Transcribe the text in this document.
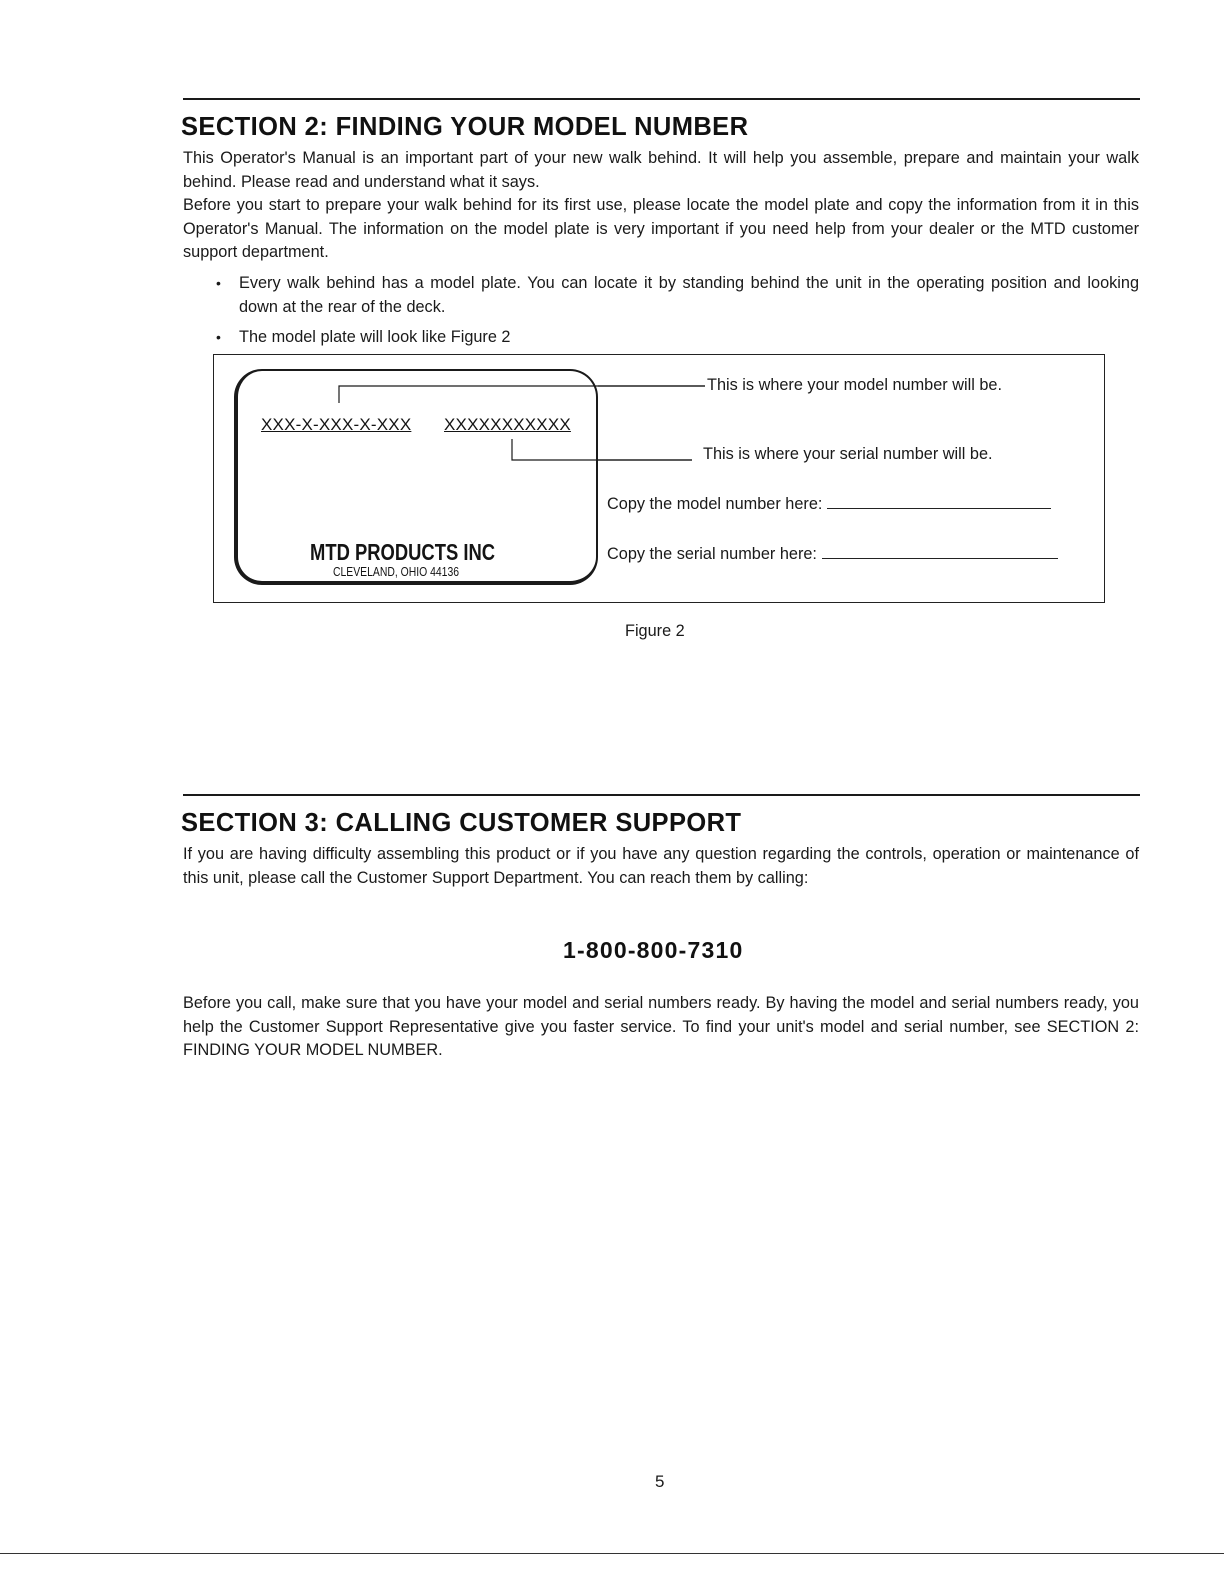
SECTION 2: FINDING YOUR MODEL NUMBER

This Operator's Manual is an important part of your new walk behind. It will help you assemble, prepare and maintain your walk behind. Please read and understand what it says.

Before you start to prepare your walk behind for its first use, please locate the model plate and copy the information from it in this Operator's Manual. The information on the model plate is very important if you need help from your dealer or the MTD customer support department.

• Every walk behind has a model plate. You can locate it by standing behind the unit in the operating position and looking down at the rear of the deck.
• The model plate will look like Figure 2
XXX-X-XXX-X-XXX XXXXXXXXXXX
MTD PRODUCTS INC
CLEVELAND, OHIO 44136
This is where your model number will be.
This is where your serial number will be.
Copy the model number here:
Copy the serial number here:
Figure 2
SECTION 3: CALLING CUSTOMER SUPPORT

If you are having difficulty assembling this product or if you have any question regarding the controls, operation or maintenance of this unit, please call the Customer Support Department. You can reach them by calling:

1-800-800-7310

Before you call, make sure that you have your model and serial numbers ready. By having the model and serial numbers ready, you help the Customer Support Representative give you faster service. To find your unit's model and serial number, see SECTION 2: FINDING YOUR MODEL NUMBER.

5
